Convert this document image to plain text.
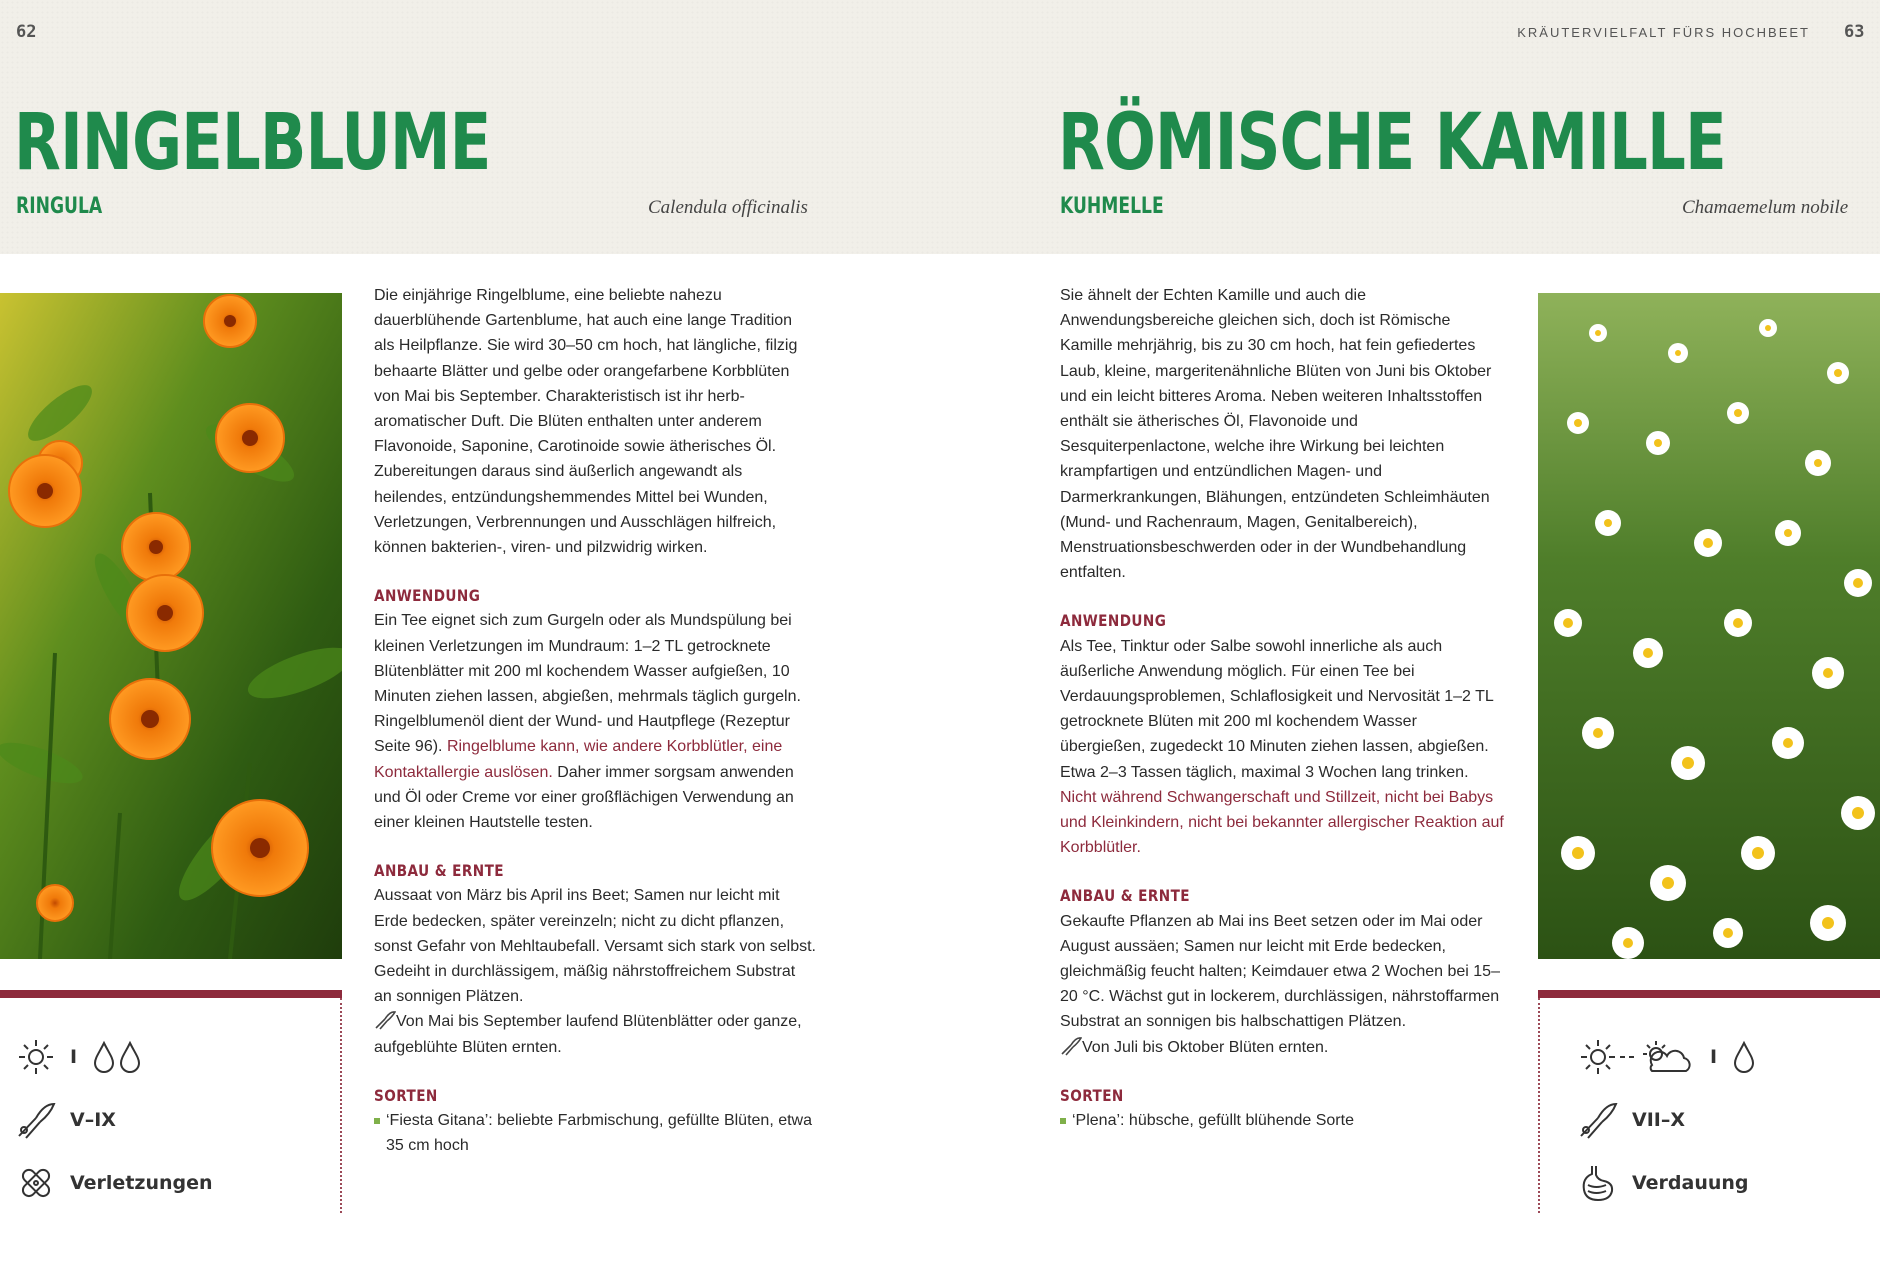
62
RINGELBLUME
RINGULA	Calendula officinalis
KRÄUTERVIELFALT FÜRS HOCHBEET 63
RÖMISCHE KAMILLE
KUHMELLE	Chamaemelum nobile

Die einjährige Ringelblume, eine beliebte nahezu dauerblühende Gartenblume, hat auch eine lange Tradition als Heilpflanze. Sie wird 30–50 cm hoch, hat längliche, filzig behaarte Blätter und gelbe oder orangefarbene Korbblüten von Mai bis September. Charakteristisch ist ihr herb-aromatischer Duft. Die Blüten enthalten unter anderem Flavonoide, Saponine, Carotinoide sowie ätherisches Öl. Zubereitungen daraus sind äußerlich angewandt als heilendes, entzündungshemmendes Mittel bei Wunden, Verletzungen, Verbrennungen und Ausschlägen hilfreich, können bakterien-, viren- und pilzwidrig wirken.

ANWENDUNG

Ein Tee eignet sich zum Gurgeln oder als Mundspülung bei kleinen Verletzungen im Mundraum: 1–2 TL getrocknete Blütenblätter mit 200 ml kochendem Wasser aufgießen, 10 Minuten ziehen lassen, abgießen, mehrmals täglich gurgeln. Ringelblumenöl dient der Wund- und Hautpflege (Rezeptur Seite 96). Ringelblume kann, wie andere Korbblütler, eine Kontaktallergie auslösen. Daher immer sorgsam anwenden und Öl oder Creme vor einer großflächigen Verwendung an einer kleinen Hautstelle testen.

ANBAU & ERNTE

Aussaat von März bis April ins Beet; Samen nur leicht mit Erde bedecken, später vereinzeln; nicht zu dicht pflanzen, sonst Gefahr von Mehltaubefall. Versamt sich stark von selbst. Gedeiht in durchlässigem, mäßig nährstoffreichem Substrat an sonnigen Plätzen.

Von Mai bis September laufend Blütenblätter oder ganze, aufgeblühte Blüten ernten.

SORTEN
‘Fiesta Gitana’: beliebte Farbmischung, gefüllte Blüten, etwa 35 cm hoch

Sie ähnelt der Echten Kamille und auch die Anwendungsbereiche gleichen sich, doch ist Römische Kamille mehrjährig, bis zu 30 cm hoch, hat fein gefiedertes Laub, kleine, margeritenähnliche Blüten von Juni bis Oktober und ein leicht bitteres Aroma. Neben weiteren Inhaltsstoffen enthält sie ätherisches Öl, Flavonoide und Sesquiterpenlactone, welche ihre Wirkung bei leichten krampfartigen und entzündlichen Magen- und Darmerkrankungen, Blähungen, entzündeten Schleimhäuten (Mund- und Rachenraum, Magen, Genitalbereich), Menstruationsbeschwerden oder in der Wundbehandlung entfalten.

ANWENDUNG

Als Tee, Tinktur oder Salbe sowohl innerliche als auch äußerliche Anwendung möglich. Für einen Tee bei Verdauungsproblemen, Schlaflosigkeit und Nervosität 1–2 TL getrocknete Blüten mit 200 ml kochendem Wasser übergießen, zugedeckt 10 Minuten ziehen lassen, abgießen. Etwa 2–3 Tassen täglich, maximal 3 Wochen lang trinken.

Nicht während Schwangerschaft und Stillzeit, nicht bei Babys und Kleinkindern, nicht bei bekannter allergischer Reaktion auf Korbblütler.

ANBAU & ERNTE

Gekaufte Pflanzen ab Mai ins Beet setzen oder im Mai oder August aussäen; Samen nur leicht mit Erde bedecken, gleichmäßig feucht halten; Keimdauer etwa 2 Wochen bei 15–20 °C. Wächst gut in lockerem, durchlässigen, nährstoffarmen Substrat an sonnigen bis halbschattigen Plätzen.

Von Juli bis Oktober Blüten ernten.

SORTEN
‘Plena’: hübsche, gefüllt blühende Sorte
I
V–IX
Verletzungen
I
VII–X
Verdauung
